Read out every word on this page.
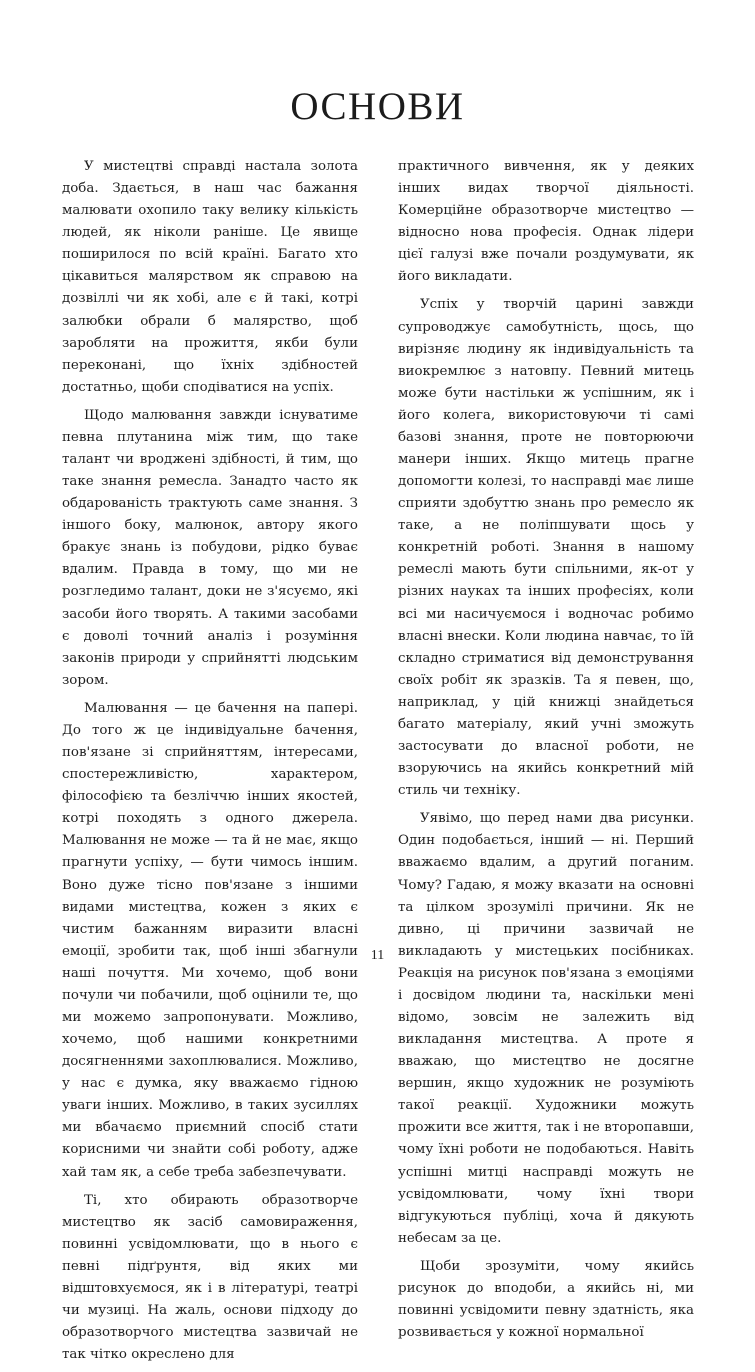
ОСНОВИ

У мистецтві справді настала золота доба. Здається, в наш час бажання малювати охопило таку велику кількість людей, як ніколи раніше. Це явище поширилося по всій країні. Багато хто цікавиться малярством як справою на дозвіллі чи як хобі, але є й такі, котрі залюбки обрали б малярство, щоб заробляти на прожиття, якби були переконані, що їхніх здібностей достатньо, щоби сподіватися на успіх.

Щодо малювання завжди існуватиме певна плутанина між тим, що таке талант чи вроджені здібності, й тим, що таке знання ремесла. Занадто часто як обдарованість трактують саме знання. З іншого боку, малюнок, автору якого бракує знань із побудови, рідко буває вдалим. Правда в тому, що ми не розгледимо талант, доки не з'ясуємо, які засоби його творять. А такими засобами є доволі точний аналіз і розуміння законів природи у сприйнятті людським зором.

Малювання — це бачення на папері. До того ж це індивідуальне бачення, пов'язане зі сприйняттям, інтересами, спостережливістю, характером, філософією та безліччю інших якостей, котрі походять з одного джерела. Малювання не може — та й не має, якщо прагнути успіху, — бути чимось іншим. Воно дуже тісно пов'язане з іншими видами мистецтва, кожен з яких є чистим бажанням виразити власні емоції, зробити так, щоб інші збагнули наші почуття. Ми хочемо, щоб вони почули чи побачили, щоб оцінили те, що ми можемо запропонувати. Можливо, хочемо, щоб нашими конкретними досягненнями захоплювалися. Можливо, у нас є думка, яку вважаємо гідною уваги інших. Можливо, в таких зусиллях ми вбачаємо приємний спосіб стати корисними чи знайти собі роботу, адже хай там як, а себе треба забезпечувати.

Ті, хто обирають образотворче мистецтво як засіб самовираження, повинні усвідомлювати, що в нього є певні підґрунтя, від яких ми відштовхуємося, як і в літературі, театрі чи музиці. На жаль, основи підходу до образотворчого мистецтва зазвичай не так чітко окреслено для

практичного вивчення, як у деяких інших видах творчої діяльності. Комерційне образотворче мистецтво — відносно нова професія. Однак лідери цієї галузі вже почали роздумувати, як його викладати.

Успіх у творчій царині завжди супроводжує самобутність, щось, що вирізняє людину як індивідуальність та виокремлює з натовпу. Певний митець може бути настільки ж успішним, як і його колега, використовуючи ті самі базові знання, проте не повторюючи манери інших. Якщо митець прагне допомогти колезі, то насправді має лише сприяти здобуттю знань про ремесло як таке, а не поліпшувати щось у конкретній роботі. Знання в нашому ремеслі мають бути спільними, як-от у різних науках та інших професіях, коли всі ми насичуємося і водночас робимо власні внески. Коли людина навчає, то їй складно стриматися від демонстрування своїх робіт як зразків. Та я певен, що, наприклад, у цій книжці знайдеться багато матеріалу, який учні зможуть застосувати до власної роботи, не взоруючись на якийсь конкретний мій стиль чи техніку.

Уявімо, що перед нами два рисунки. Один подобається, інший — ні. Перший вважаємо вдалим, а другий поганим. Чому? Гадаю, я можу вказати на основні та цілком зрозумілі причини. Як не дивно, ці причини зазвичай не викладають у мистецьких посібниках. Реакція на рисунок пов'язана з емоціями і досвідом людини та, наскільки мені відомо, зовсім не залежить від викладання мистецтва. А проте я вважаю, що мистецтво не досягне вершин, якщо художник не розуміють такої реакції. Художники можуть прожити все життя, так і не второпавши, чому їхні роботи не подобаються. Навіть успішні митці насправді можуть не усвідомлювати, чому їхні твори відгукуються публіці, хоча й дякують небесам за це.

Щоби зрозуміти, чому якийсь рисунок до вподоби, а якийсь ні, ми повинні усвідомити певну здатність, яка розвивається у кожної нормальної

11
